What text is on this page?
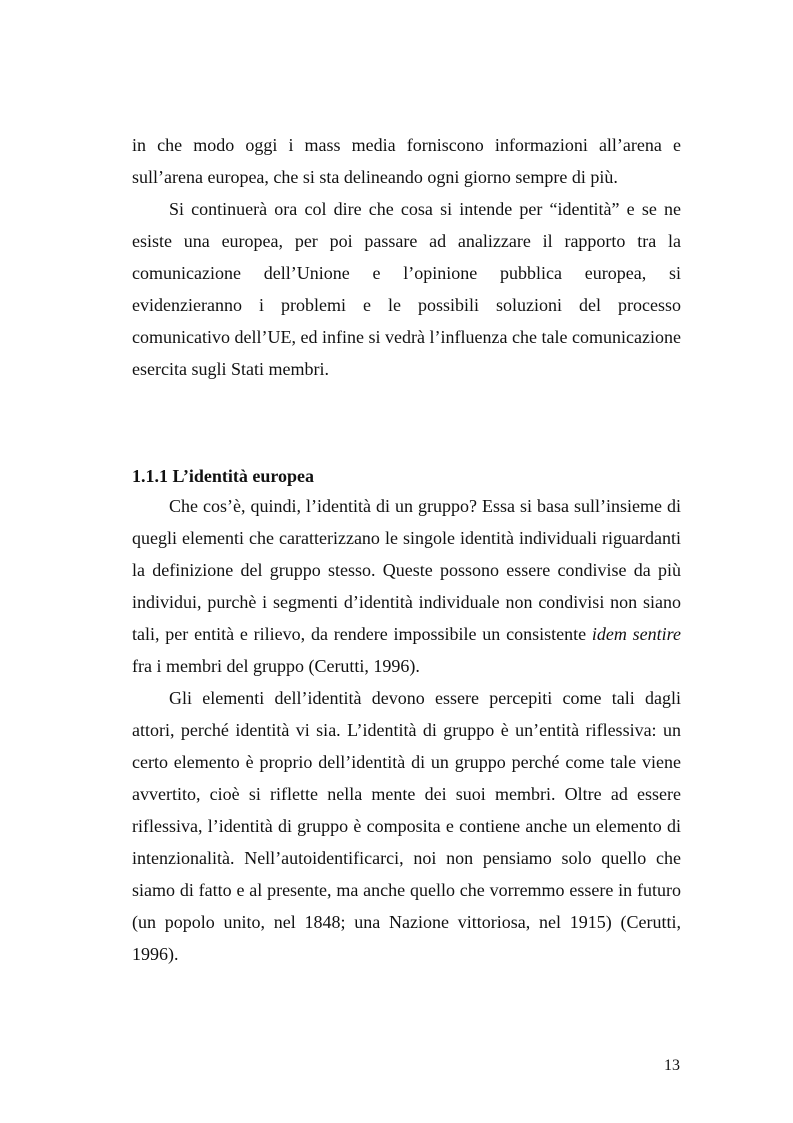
in che modo oggi i mass media forniscono informazioni all’arena e sull’arena europea, che si sta delineando ogni giorno sempre di più.

Si continuerà ora col dire che cosa si intende per “identità” e se ne esiste una europea, per poi passare ad analizzare il rapporto tra la comunicazione dell’Unione e l’opinione pubblica europea, si evidenzieranno i problemi e le possibili soluzioni del processo comunicativo dell’UE, ed infine si vedrà l’influenza che tale comunicazione esercita sugli Stati membri.

1.1.1 L’identità europea

Che cos’è, quindi, l’identità di un gruppo? Essa si basa sull’insieme di quegli elementi che caratterizzano le singole identità individuali riguardanti la definizione del gruppo stesso. Queste possono essere condivise da più individui, purchè i segmenti d’identità individuale non condivisi non siano tali, per entità e rilievo, da rendere impossibile un consistente idem sentire fra i membri del gruppo (Cerutti, 1996).

Gli elementi dell’identità devono essere percepiti come tali dagli attori, perché identità vi sia. L’identità di gruppo è un’entità riflessiva: un certo elemento è proprio dell’identità di un gruppo perché come tale viene avvertito, cioè si riflette nella mente dei suoi membri. Oltre ad essere riflessiva, l’identità di gruppo è composita e contiene anche un elemento di intenzionalità. Nell’autoidentificarci, noi non pensiamo solo quello che siamo di fatto e al presente, ma anche quello che vorremmo essere in futuro (un popolo unito, nel 1848; una Nazione vittoriosa, nel 1915) (Cerutti, 1996).

13
